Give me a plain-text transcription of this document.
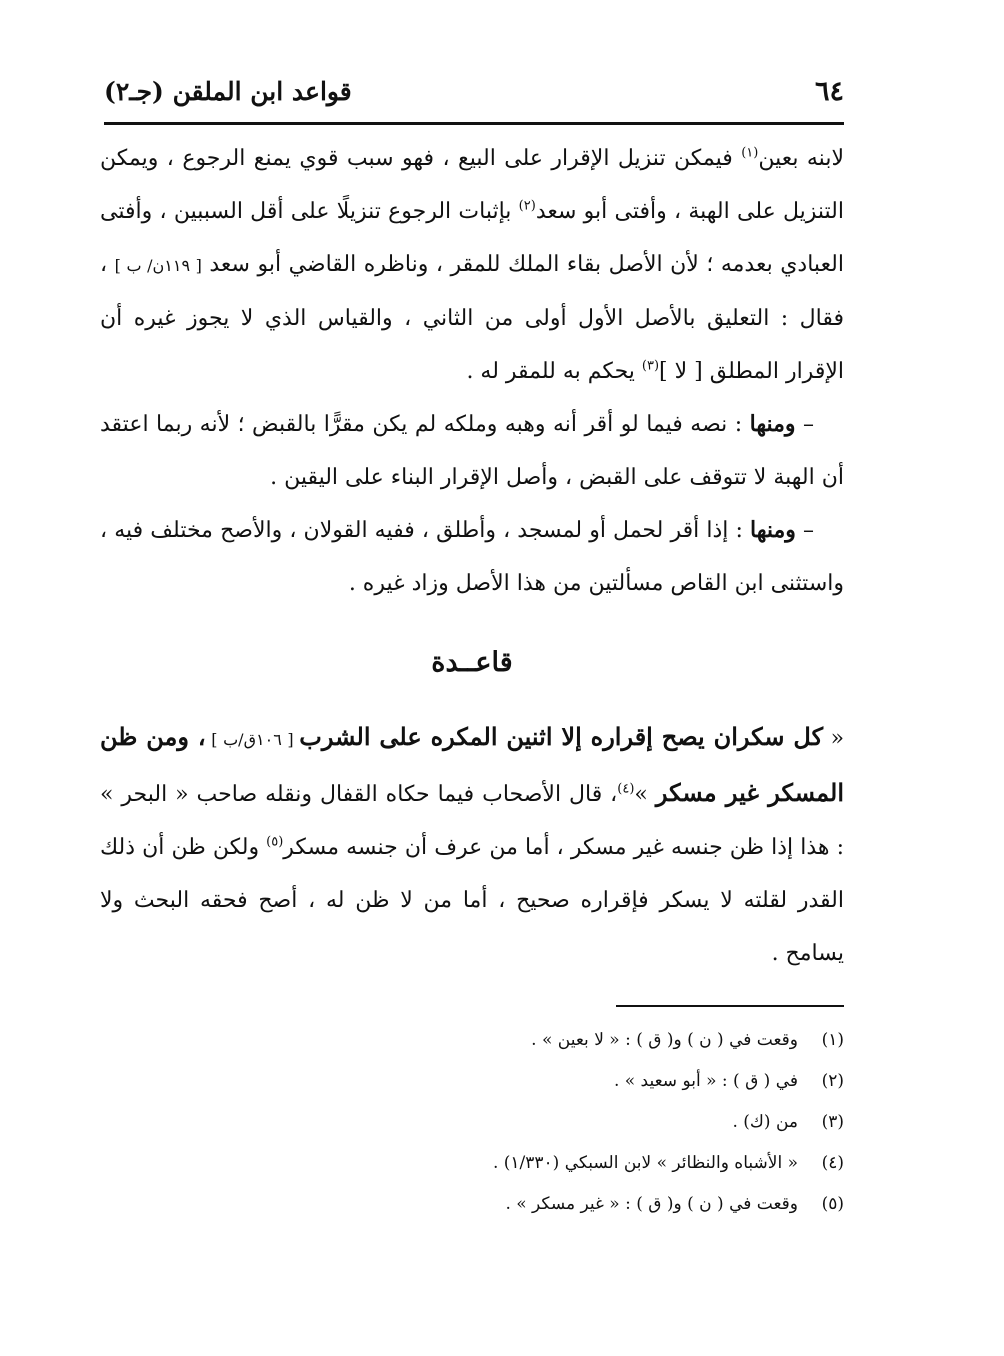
٦٤
قواعد ابن الملقن (جـ٢)

لابنه بعين$^{(١)}$ فيمكن تنزيل الإقرار على البيع ، فهو سبب قوي يمنع الرجوع ، ويمكن التنزيل على الهبة ، وأفتى أبو سعد$^{(٢)}$ بإثبات الرجوع تنزيلًا على أقل السببين ، وأفتى العبادي بعدمه ؛ لأن الأصل بقاء الملك للمقر ، وناظره القاضي أبو سعد [ ١١٩ن/ ب ] ، فقال : التعليق بالأصل الأول أولى من الثاني ، والقياس الذي لا يجوز غيره أن الإقرار المطلق [ لا ]$^{(٣)}$ يحكم به للمقر له .

– ومنها : نصه فيما لو أقر أنه وهبه وملكه لم يكن مقرًّا بالقبض ؛ لأنه ربما اعتقد أن الهبة لا تتوقف على القبض ، وأصل الإقرار البناء على اليقين .

– ومنها : إذا أقر لحمل أو لمسجد ، وأطلق ، ففيه القولان ، والأصح مختلف فيه ، واستثنى ابن القاص مسألتين من هذا الأصل وزاد غيره .

قاعــدة

« كل سكران يصح إقراره إلا اثنين المكره على الشرب [ ١٠٦ق/ب ] ، ومن ظن المسكر غير مسكر »$^{(٤)}$، قال الأصحاب فيما حكاه القفال ونقله صاحب « البحر » : هذا إذا ظن جنسه غير مسكر ، أما من عرف أن جنسه مسكر$^{(٥)}$ ولكن ظن أن ذلك القدر لقلته لا يسكر فإقراره صحيح ، أما من لا ظن له ، أصح فحقه البحث ولا يسامح .

(١)
وقعت في ( ن ) و( ق ) : « لا بعين » .
(٢)
في ( ق ) : « أبو سعيد » .
(٣)
من (ك) .
(٤)
« الأشباه والنظائر » لابن السبكي (١/٣٣٠) .
(٥)
وقعت في ( ن ) و( ق ) : « غير مسكر » .
